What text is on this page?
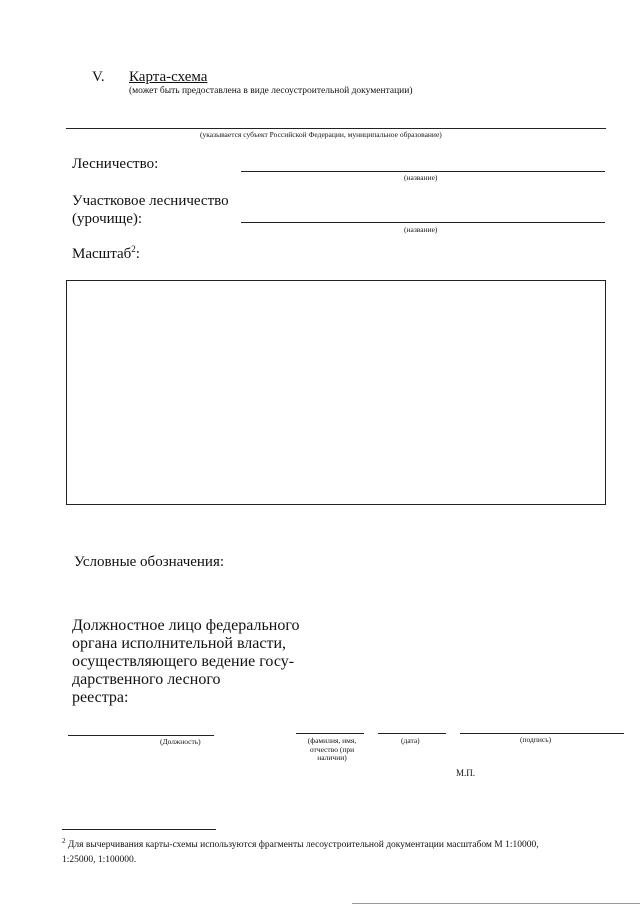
V. Карта-схема
(может быть предоставлена в виде лесоустроительной документации)
(указывается субъект Российской Федерации, муниципальное образование)
Лесничество:
(название)
Участковое лесничество
(урочище):
(название)
Масштаб$^2$:
Условные обозначения:
Должностное лицо федерального
органа исполнительной власти,
осуществляющего ведение госу-
дарственного лесного
реестра:
(Должность)	(фамилия, имя,
отчество (при
наличии)
(дата)	(подпись)
М.П.
$^2$ Для вычерчивания карты-схемы используются фрагменты лесоустроительной документации масштабом М 1:10000,
1:25000, 1:100000.
